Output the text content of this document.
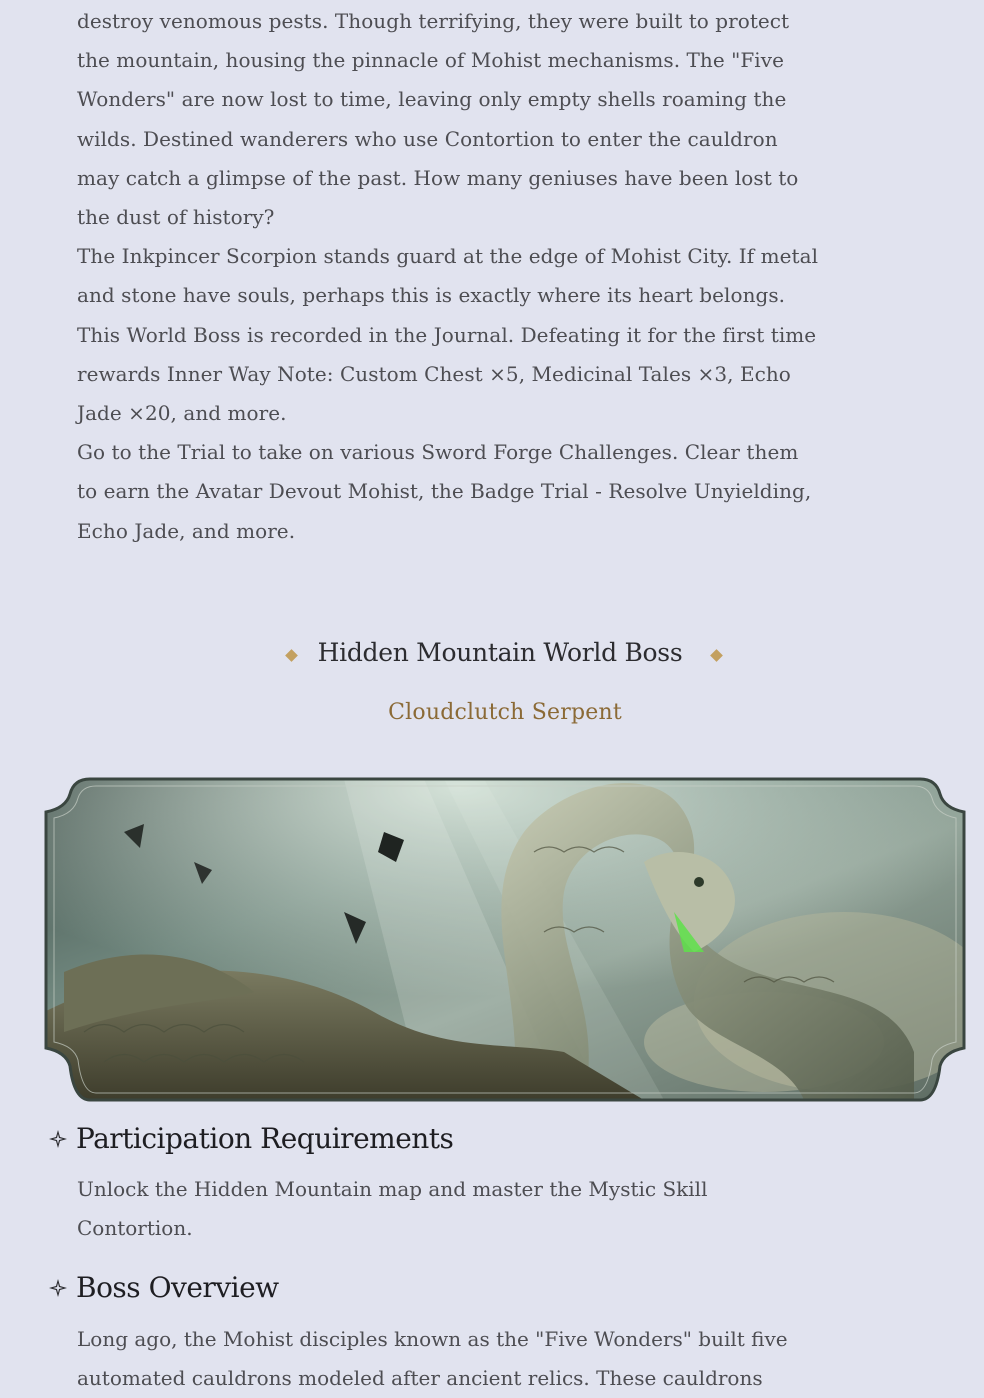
destroy venomous pests. Though terrifying, they were built to protect the mountain, housing the pinnacle of Mohist mechanisms. The "Five Wonders" are now lost to time, leaving only empty shells roaming the wilds. Destined wanderers who use Contortion to enter the cauldron may catch a glimpse of the past. How many geniuses have been lost to the dust of history?

The Inkpincer Scorpion stands guard at the edge of Mohist City. If metal and stone have souls, perhaps this is exactly where its heart belongs.

This World Boss is recorded in the Journal. Defeating it for the first time rewards Inner Way Note: Custom Chest ×5, Medicinal Tales ×3, Echo Jade ×20, and more.

Go to the Trial to take on various Sword Forge Challenges. Clear them to earn the Avatar Devout Mohist, the Badge Trial - Resolve Unyielding, Echo Jade, and more.

Hidden Mountain World Boss
Cloudclutch Serpent
Participation Requirements

Unlock the Hidden Mountain map and master the Mystic Skill Contortion.

Boss Overview

Long ago, the Mohist disciples known as the "Five Wonders" built five automated cauldrons modeled after ancient relics. These cauldrons
